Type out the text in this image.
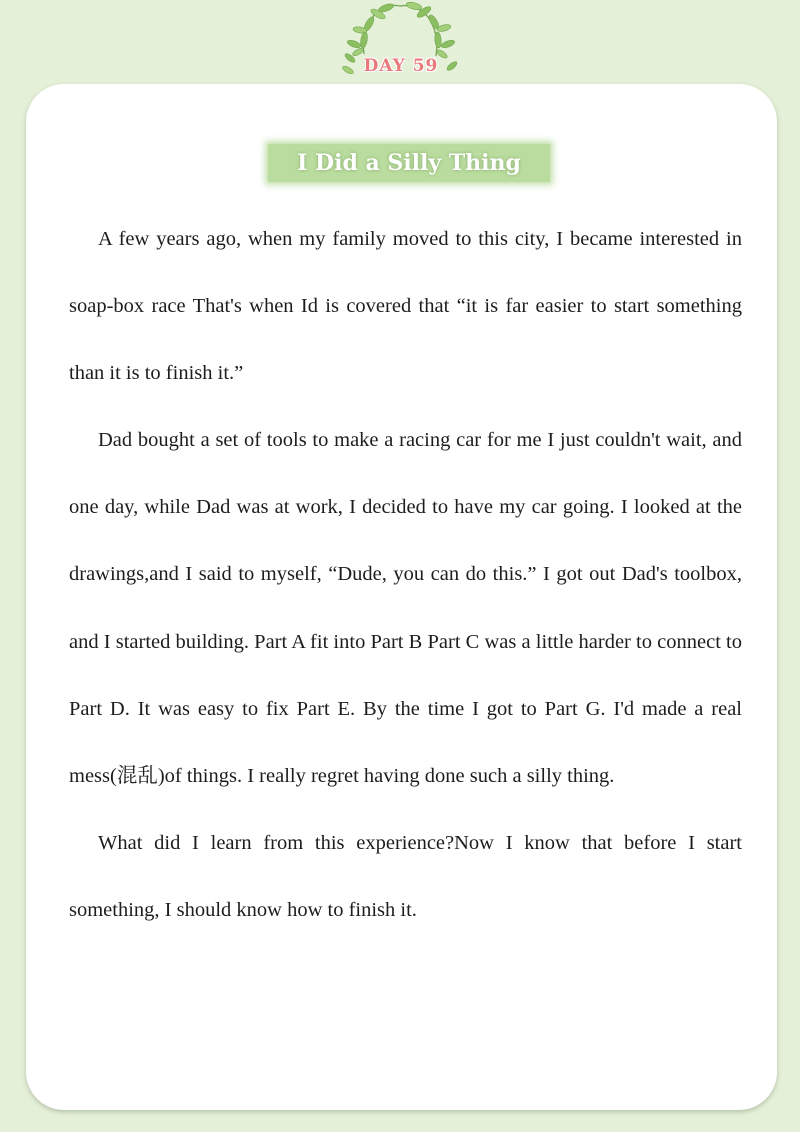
DAY 59
I Did a Silly Thing

A few years ago, when my family moved to this city, I became interested in soap-box race That's when Id is covered that “it is far easier to start something than it is to finish it.”

Dad bought a set of tools to make a racing car for me I just couldn't wait, and one day, while Dad was at work, I decided to have my car going. I looked at the drawings,and I said to myself, “Dude, you can do this.” I got out Dad's toolbox, and I started building. Part A fit into Part B Part C was a little harder to connect to Part D. It was easy to fix Part E. By the time I got to Part G. I'd made a real mess(混乱)of things. I really regret having done such a silly thing.

What did I learn from this experience?Now I know that before I start something, I should know how to finish it.
